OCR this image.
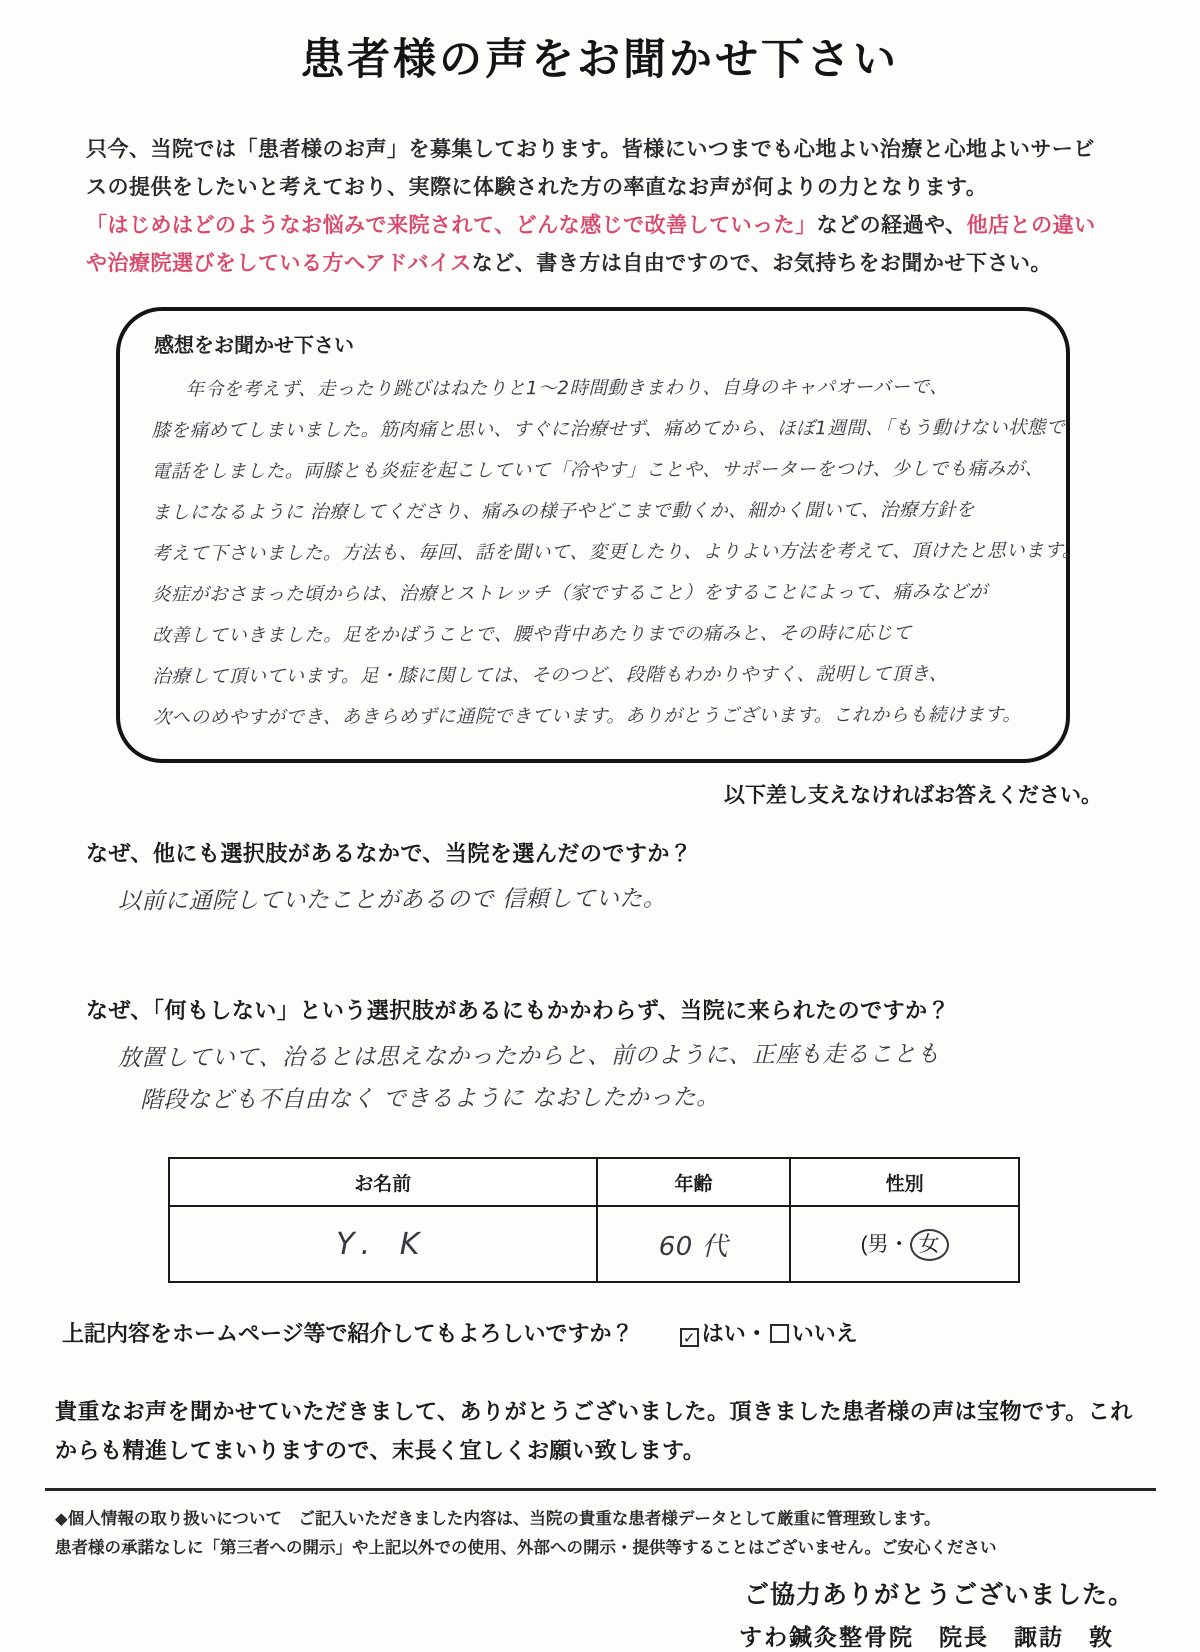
患者様の声をお聞かせ下さい
只今、当院では「患者様のお声」を募集しております。皆様にいつまでも心地よい治療と心地よいサービスの提供をしたいと考えており、実際に体験された方の率直なお声が何よりの力となります。
「はじめはどのようなお悩みで来院されて、どんな感じで改善していった」などの経過や、他店との違いや治療院選びをしている方へアドバイスなど、書き方は自由ですので、お気持ちをお聞かせ下さい。
感想をお聞かせ下さい
年令を考えず、走ったり跳びはねたりと1〜2時間動きまわり、自身のキャパオーバーで、
膝を痛めてしまいました。筋肉痛と思い、すぐに治療せず、痛めてから、ほぼ1週間、「もう動けない状態で
電話をしました。両膝とも炎症を起こしていて「冷やす」ことや、サポーターをつけ、少しでも痛みが、
ましになるように 治療してくださり、痛みの様子やどこまで動くか、細かく聞いて、治療方針を
考えて下さいました。方法も、毎回、話を聞いて、変更したり、よりよい方法を考えて、頂けたと思います。
炎症がおさまった頃からは、治療とストレッチ（家ですること）をすることによって、痛みなどが
改善していきました。足をかばうことで、腰や背中あたりまでの痛みと、その時に応じて
治療して頂いています。足・膝に関しては、そのつど、段階もわかりやすく、説明して頂き、
次へのめやすができ、あきらめずに通院できています。ありがとうございます。これからも続けます。
以下差し支えなければお答えください。
なぜ、他にも選択肢があるなかで、当院を選んだのですか？
以前に通院していたことがあるので 信頼していた。
なぜ、「何もしない」という選択肢があるにもかかわらず、当院に来られたのですか？
放置していて、治るとは思えなかったからと、前のように、正座も走ることも
階段なども不自由なく できるように なおしたかった。
お名前	年齢	性別
Y. K	60 代	(男・ 女
上記内容をホームページ等で紹介してもよろしいですか？	✓ はい・ いいえ
貴重なお声を聞かせていただきまして、ありがとうございました。頂きました患者様の声は宝物です。これからも精進してまいりますので、末長く宜しくお願い致します。
◆個人情報の取り扱いについて　ご記入いただきました内容は、当院の貴重な患者様データとして厳重に管理致します。
患者様の承諾なしに「第三者への開示」や上記以外での使用、外部への開示・提供等することはございません。ご安心ください
ご協力ありがとうございました。
すわ鍼灸整骨院　院長　諏訪　敦
